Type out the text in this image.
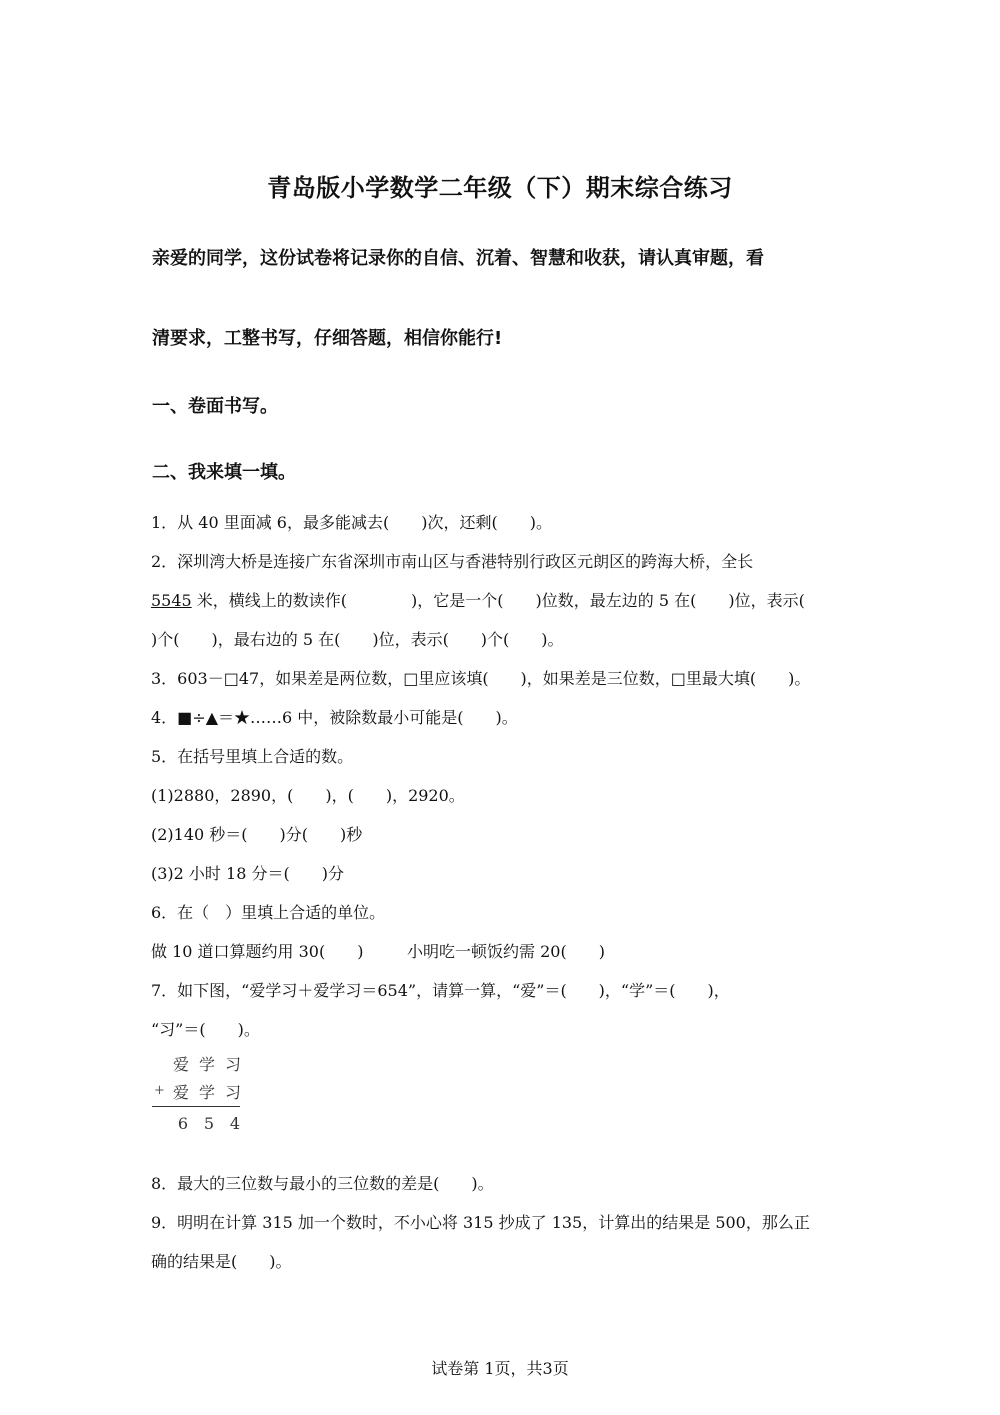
青岛版小学数学二年级（下）期末综合练习
亲爱的同学，这份试卷将记录你的自信、沉着、智慧和收获，请认真审题，看
清要求，工整书写，仔细答题，相信你能行!
一、卷面书写。
二、我来填一填。
1．从 40 里面减 6，最多能减去(　　)次，还剩(　　)。
2．深圳湾大桥是连接广东省深圳市南山区与香港特别行政区元朗区的跨海大桥，全长
5545 米，横线上的数读作(　　　　)，它是一个(　　)位数，最左边的 5 在(　　)位，表示(
)个(　　)，最右边的 5 在(　　)位，表示(　　)个(　　)。
3．603－□47，如果差是两位数，□里应该填(　　)，如果差是三位数，□里最大填(　　)。
4．■÷▲＝★……6 中，被除数最小可能是(　　)。
5．在括号里填上合适的数。
(1)2880，2890，(　　)，(　　)，2920。
(2)140 秒＝(　　)分(　　)秒
(3)2 小时 18 分＝(　　)分
6．在（　）里填上合适的单位。
做 10 道口算题约用 30(　　)	小明吃一顿饭约需 20(　　)
7．如下图，“爱学习＋爱学习＝654”，请算一算，“爱”＝(　　)，“学”＝(　　)，
“习”＝(　　)。
爱 学 习
+ 爱 学 习
6 5 4
8．最大的三位数与最小的三位数的差是(　　)。
9．明明在计算 315 加一个数时，不小心将 315 抄成了 135，计算出的结果是 500，那么正
确的结果是(　　)。
试卷第 1页，共3页
